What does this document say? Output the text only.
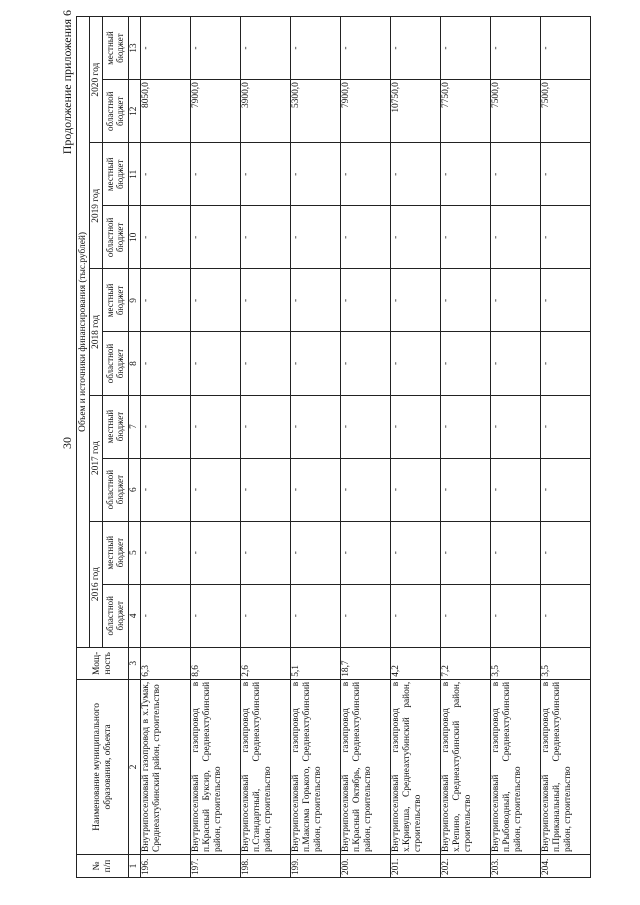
30
Продолжение приложения 6
№ п/п	Наименование муниципального образования, объекта	Мощ-ность	Объем и источники финансирования (тыс.рублей)									
			2016 год		2017 год		2018 год		2019 год		2020 год	
			областной бюджет	местный бюджет	областной бюджет	местный бюджет	областной бюджет	местный бюджет	областной бюджет	местный бюджет	областной бюджет	местный бюджет
1	2	3	4	5	6	7	8	9	10	11	12	13
196.	Внутрипоселковый газопровод в х.Тумак, Среднеахтубинский район, строительство	6,3	-	-	-	-	-	-	-	-	8050,0	-
197.	Внутрипоселковый газопровод в п.Красный Буксир, Среднеахтубинский район, строительство	8,6	-	-	-	-	-	-	-	-	7900,0	-
198.	Внутрипоселковый газопровод в п.Стандартный, Среднеахтубинский район, строительство	2,6	-	-	-	-	-	-	-	-	3900,0	-
199.	Внутрипоселковый газопровод в п.Максима Горького, Среднеахтубинский район, строительство	5,1	-	-	-	-	-	-	-	-	5300,0	-
200.	Внутрипоселковый газопровод в п.Красный Октябрь, Среднеахтубинский район, строительство	18,7	-	-	-	-	-	-	-	-	7900,0	-
201.	Внутрипоселковый газопровод в х.Кривуша, Среднеахтубинский район, строительство	4,2	-	-	-	-	-	-	-	-	10750,0	-
202.	Внутрипоселковый газопровод в х.Репино, Среднеахтубинский район, строительство	7,2	-	-	-	-	-	-	-	-	7750,0	-
203.	Внутрипоселковый газопровод в п.Рыбоводный, Среднеахтубинский район, строительство	3,5	-	-	-	-	-	-	-	-	7500,0	-
204.	Внутрипоселковый газопровод в п.Приканальный, Среднеахтубинский район, строительство	3,5	-	-	-	-	-	-	-	-	7500,0	-
